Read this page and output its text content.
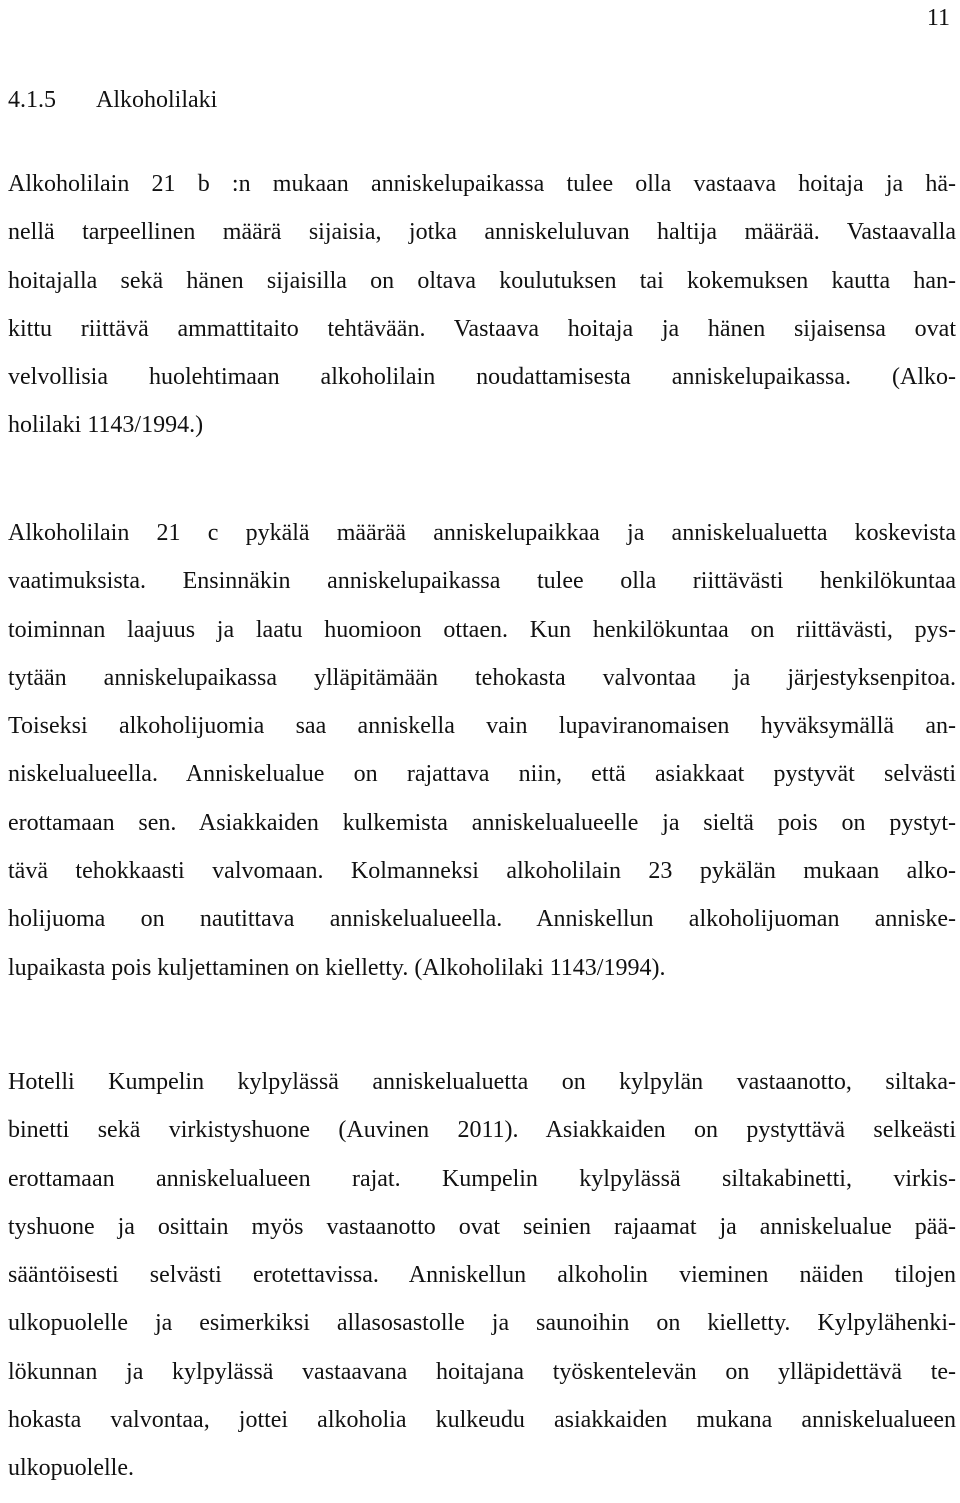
11
4.1.5 Alkoholilaki
Alkoholilain 21 b :n mukaan anniskelupaikassa tulee olla vastaava hoitaja ja hä-
nellä tarpeellinen määrä sijaisia, jotka anniskeluluvan haltija määrää. Vastaavalla
hoitajalla sekä hänen sijaisilla on oltava koulutuksen tai kokemuksen kautta han-
kittu riittävä ammattitaito tehtävään. Vastaava hoitaja ja hänen sijaisensa ovat
velvollisia huolehtimaan alkoholilain noudattamisesta anniskelupaikassa. (Alko-
holilaki 1143/1994.)
Alkoholilain 21 c pykälä määrää anniskelupaikkaa ja anniskelualuetta koskevista
vaatimuksista. Ensinnäkin anniskelupaikassa tulee olla riittävästi henkilökuntaa
toiminnan laajuus ja laatu huomioon ottaen. Kun henkilökuntaa on riittävästi, pys-
tytään anniskelupaikassa ylläpitämään tehokasta valvontaa ja järjestyksenpitoa.
Toiseksi alkoholijuomia saa anniskella vain lupaviranomaisen hyväksymällä an-
niskelualueella. Anniskelualue on rajattava niin, että asiakkaat pystyvät selvästi
erottamaan sen. Asiakkaiden kulkemista anniskelualueelle ja sieltä pois on pystyt-
tävä tehokkaasti valvomaan. Kolmanneksi alkoholilain 23 pykälän mukaan alko-
holijuoma on nautittava anniskelualueella. Anniskellun alkoholijuoman anniske-
lupaikasta pois kuljettaminen on kielletty. (Alkoholilaki 1143/1994).
Hotelli Kumpelin kylpylässä anniskelualuetta on kylpylän vastaanotto, siltaka-
binetti sekä virkistyshuone (Auvinen 2011). Asiakkaiden on pystyttävä selkeästi
erottamaan anniskelualueen rajat. Kumpelin kylpylässä siltakabinetti, virkis-
tyshuone ja osittain myös vastaanotto ovat seinien rajaamat ja anniskelualue pää-
sääntöisesti selvästi erotettavissa. Anniskellun alkoholin vieminen näiden tilojen
ulkopuolelle ja esimerkiksi allasosastolle ja saunoihin on kielletty. Kylpylähenki-
lökunnan ja kylpylässä vastaavana hoitajana työskentelevän on ylläpidettävä te-
hokasta valvontaa, jottei alkoholia kulkeudu asiakkaiden mukana anniskelualueen
ulkopuolelle.
